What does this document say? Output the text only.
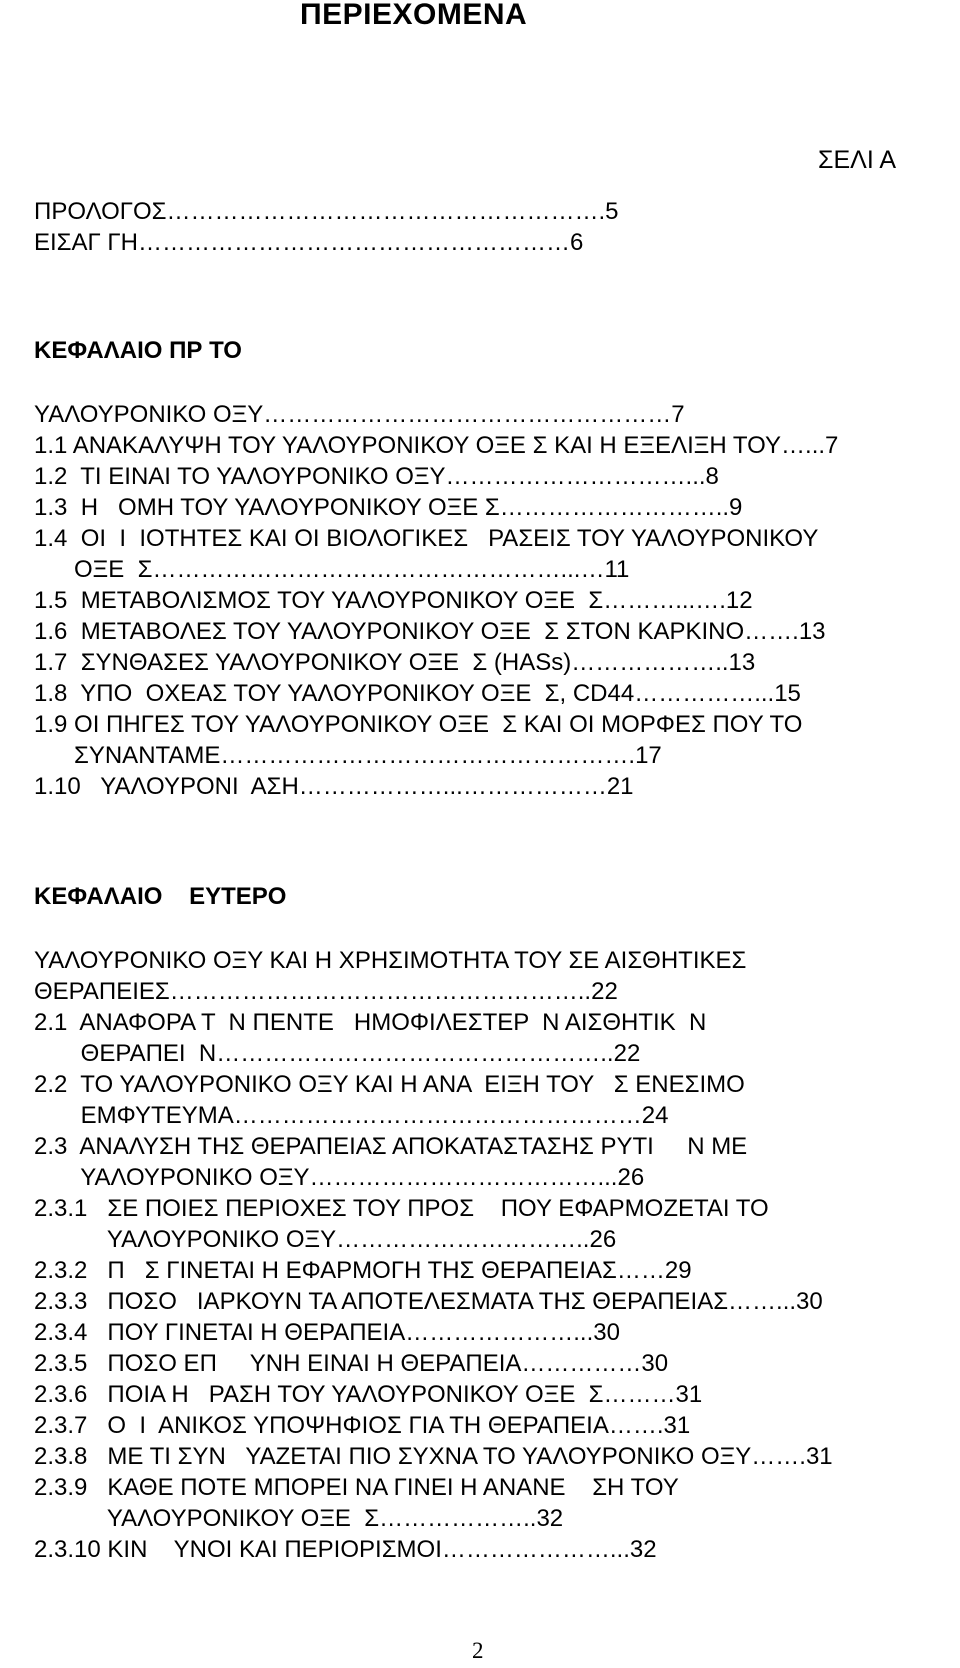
ΠΕΡΙΕΧΟΜΕΝΑ
ΣΕΛΙ Α
ΠΡΟΛΟΓΟΣ……………………………………………….5
ΕΙΣΑΓ ΓΗ………………………………………………6
ΚΕΦΑΛΑΙΟ ΠΡ ΤΟ
ΥΑΛΟΥΡΟΝΙΚΟ ΟΞΥ……………………………………………7
1.1 ΑΝΑΚΑΛΥΨΗ ΤΟΥ ΥΑΛΟΥΡΟΝΙΚΟΥ ΟΞΕ Σ ΚΑΙ Η ΕΞΕΛΙΞΗ ΤΟΥ…...7
1.2  ΤΙ ΕΙΝΑΙ ΤΟ ΥΑΛΟΥΡΟΝΙΚΟ ΟΞΥ…………………………...8
1.3  Η   ΟΜΗ ΤΟΥ ΥΑΛΟΥΡΟΝΙΚΟΥ ΟΞΕ Σ………………………..9
1.4  ΟΙ  Ι  ΙΟΤΗΤΕΣ ΚΑΙ ΟΙ ΒΙΟΛΟΓΙΚΕΣ   ΡΑΣΕΙΣ ΤΟΥ ΥΑΛΟΥΡΟΝΙΚΟΥ
ΟΞΕ  Σ……………………………………………...…11
1.5  ΜΕΤΑΒΟΛΙΣΜΟΣ ΤΟΥ ΥΑΛΟΥΡΟΝΙΚΟΥ ΟΞΕ  Σ………...….12
1.6  ΜΕΤΑΒΟΛΕΣ ΤΟΥ ΥΑΛΟΥΡΟΝΙΚΟΥ ΟΞΕ  Σ ΣΤΟΝ ΚΑΡΚΙΝΟ…….13
1.7  ΣΥΝΘΑΣΕΣ ΥΑΛΟΥΡΟΝΙΚΟΥ ΟΞΕ  Σ (HASs)………………..13
1.8  ΥΠΟ  ΟΧΕΑΣ ΤΟΥ ΥΑΛΟΥΡΟΝΙΚΟΥ ΟΞΕ  Σ, CD44……………...15
1.9 ΟΙ ΠΗΓΕΣ ΤΟΥ ΥΑΛΟΥΡΟΝΙΚΟΥ ΟΞΕ  Σ ΚΑΙ ΟΙ ΜΟΡΦΕΣ ΠΟΥ ΤΟ
ΣΥΝΑΝΤΑΜΕ…………………………………………….17
1.10   ΥΑΛΟΥΡΟΝΙ  ΑΣΗ………………...………………21
ΚΕΦΑΛΑΙΟ    ΕΥΤΕΡΟ
ΥΑΛΟΥΡΟΝΙΚΟ ΟΞΥ ΚΑΙ Η ΧΡΗΣΙΜΟΤΗΤΑ ΤΟΥ ΣΕ ΑΙΣΘΗΤΙΚΕΣ
ΘΕΡΑΠΕΙΕΣ……………………………………………..22
2.1  ΑΝΑΦΟΡΑ Τ  Ν ΠΕΝΤΕ   ΗΜΟΦΙΛΕΣΤΕΡ  Ν ΑΙΣΘΗΤΙΚ  Ν
ΘΕΡΑΠΕΙ  Ν…………………………………………..22
2.2  ΤΟ ΥΑΛΟΥΡΟΝΙΚΟ ΟΞΥ ΚΑΙ Η ΑΝΑ  ΕΙΞΗ ΤΟΥ   Σ ΕΝΕΣΙΜΟ
ΕΜΦΥΤΕΥΜΑ……………………………………………24
2.3  ΑΝΑΛΥΣΗ ΤΗΣ ΘΕΡΑΠΕΙΑΣ ΑΠΟΚΑΤΑΣΤΑΣΗΣ ΡΥΤΙ     Ν ΜΕ
ΥΑΛΟΥΡΟΝΙΚΟ ΟΞΥ………………………………...26
2.3.1   ΣΕ ΠΟΙΕΣ ΠΕΡΙΟΧΕΣ ΤΟΥ ΠΡΟΣ    ΠΟΥ ΕΦΑΡΜΟΖΕΤΑΙ ΤΟ
ΥΑΛΟΥΡΟΝΙΚΟ ΟΞΥ…………………………..26
2.3.2   Π   Σ ΓΙΝΕΤΑΙ Η ΕΦΑΡΜΟΓΗ ΤΗΣ ΘΕΡΑΠΕΙΑΣ……29
2.3.3   ΠΟΣΟ   ΙΑΡΚΟΥΝ ΤΑ ΑΠΟΤΕΛΕΣΜΑΤΑ ΤΗΣ ΘΕΡΑΠΕΙΑΣ……...30
2.3.4   ΠΟΥ ΓΙΝΕΤΑΙ Η ΘΕΡΑΠΕΙΑ…………………...30
2.3.5   ΠΟΣΟ ΕΠ     ΥΝΗ ΕΙΝΑΙ Η ΘΕΡΑΠΕΙΑ……………30
2.3.6   ΠΟΙΑ Η   ΡΑΣΗ ΤΟΥ ΥΑΛΟΥΡΟΝΙΚΟΥ ΟΞΕ  Σ………31
2.3.7   Ο  Ι  ΑΝΙΚΟΣ ΥΠΟΨΗΦΙΟΣ ΓΙΑ ΤΗ ΘΕΡΑΠΕΙΑ…….31
2.3.8   ΜΕ ΤΙ ΣΥΝ   ΥΑΖΕΤΑΙ ΠΙΟ ΣΥΧΝΑ ΤΟ ΥΑΛΟΥΡΟΝΙΚΟ ΟΞΥ…….31
2.3.9   ΚΑΘΕ ΠΟΤΕ ΜΠΟΡΕΙ ΝΑ ΓΙΝΕΙ Η ΑΝΑΝΕ    ΣΗ ΤΟΥ
ΥΑΛΟΥΡΟΝΙΚΟΥ ΟΞΕ  Σ………………..32
2.3.10 ΚΙΝ    ΥΝΟΙ ΚΑΙ ΠΕΡΙΟΡΙΣΜΟΙ…………………...32
2
